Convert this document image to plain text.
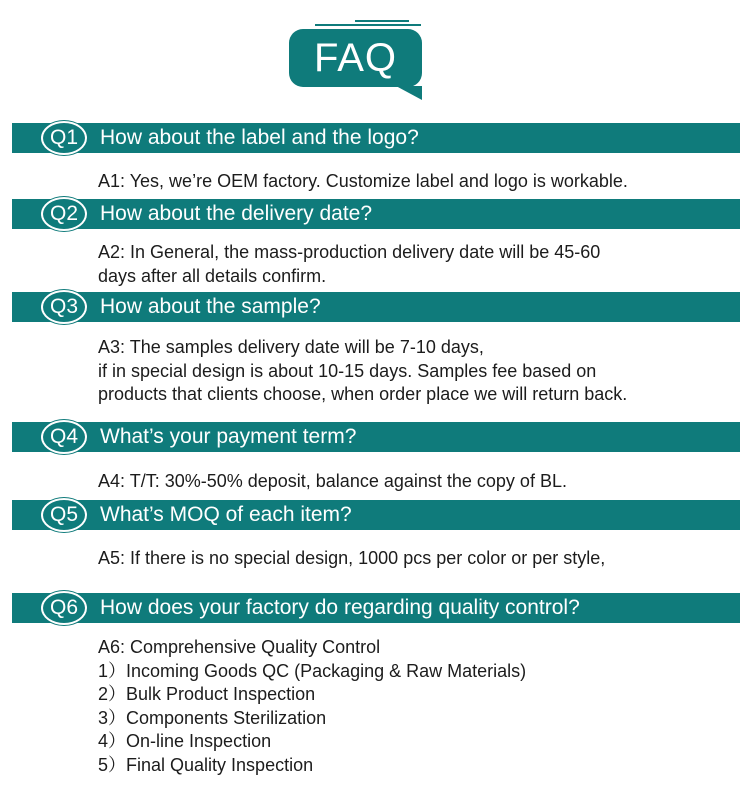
FAQ
Q1 How about the label and the logo?
A1: Yes, we’re OEM factory. Customize label and logo is workable.
Q2 How about the delivery date?
A2: In General, the mass-production delivery date will be 45-60
days after all details confirm.
Q3 How about the sample?
A3: The samples delivery date will be 7-10 days,
if in special design is about 10-15 days. Samples fee based on
products that clients choose, when order place we will return back.
Q4 What’s your payment term?
A4: T/T: 30%-50% deposit, balance against the copy of BL.
Q5 What’s MOQ of each item?
A5: If there is no special design, 1000 pcs per color or per style,
Q6 How does your factory do regarding quality control?
A6: Comprehensive Quality Control
1）Incoming Goods QC (Packaging & Raw Materials)
2）Bulk Product Inspection
3）Components Sterilization
4）On-line Inspection
5）Final Quality Inspection
